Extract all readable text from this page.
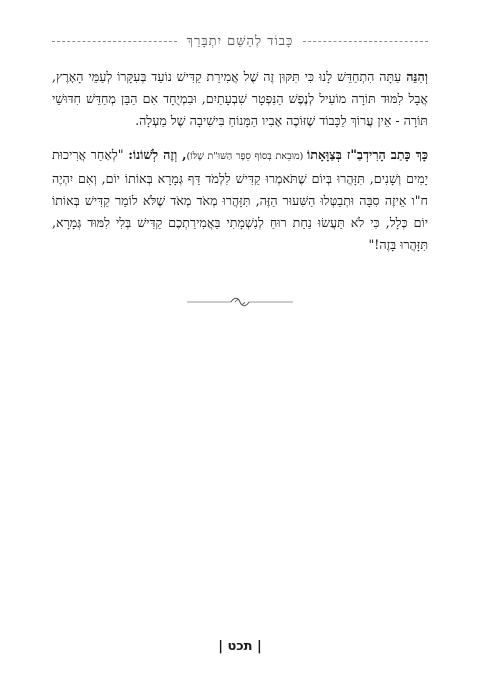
כָּבוֹד לְהַשֵּׁם יִתְבָּרַךְ

וְהִנֵּה עַתָּה הִתְחַדֵּשׁ לָנוּ כִּי תִּקּוּן זֶה שֶׁל אֲמִירַת קַדִּישׁ נוֹעַד בְּעִקָּרוֹ לְעַמֵּי הָאָרֶץ, אֲבָל לִמּוּד תּוֹרָה מוֹעִיל לְנֶפֶשׁ הַנִּפְטָר שִׁבְעָתַיִם, וּבִמְיֻחָד אִם הַבֵּן מְחַדֵּשׁ חִדּוּשֵׁי תּוֹרָה - אֵין עֲרוֹךְ לַכָּבוֹד שֶׁזּוֹכֶה אָבִיו הַמָּנוֹחַ בִּישִׁיבָה שֶׁל מַעְלָה.

כָּךְ כָּתַב הָרִידְבַ"ז בְּצַוָּאָתוֹ (מוּבֵאת בְּסוֹף סֵפֶר הַשּׁוּ"ת שֶׁלּוֹ), וְזֶה לְשׁוֹנוֹ: "לְאַחַר אֲרִיכוּת יָמִים וְשָׁנִים, תִּזָּהֲרוּ בְּיוֹם שֶׁתֹּאמְרוּ קַדִּישׁ לִלְמֹד דַּף גְּמָרָא בְּאוֹתוֹ יוֹם, וְאִם יִהְיֶה ח"ו אֵיזֶה סִבָּה וּתְבַטְּלוּ הַשִּׁעוּר הַזֶּה, תִּזָּהֲרוּ מְאֹד מְאֹד שֶׁלֹּא לוֹמַר קַדִּישׁ בְּאוֹתוֹ יוֹם כְּלָל, כִּי לֹא תַּעֲשׂוּ נַחַת רוּחַ לְנִשְׁמָתִי בַּאֲמִירַתְכֶם קַדִּישׁ בְּלִי לִמּוּד גְּמָרָא, תִּזָּהֲרוּ בָּזֶה!"

| תכט |
